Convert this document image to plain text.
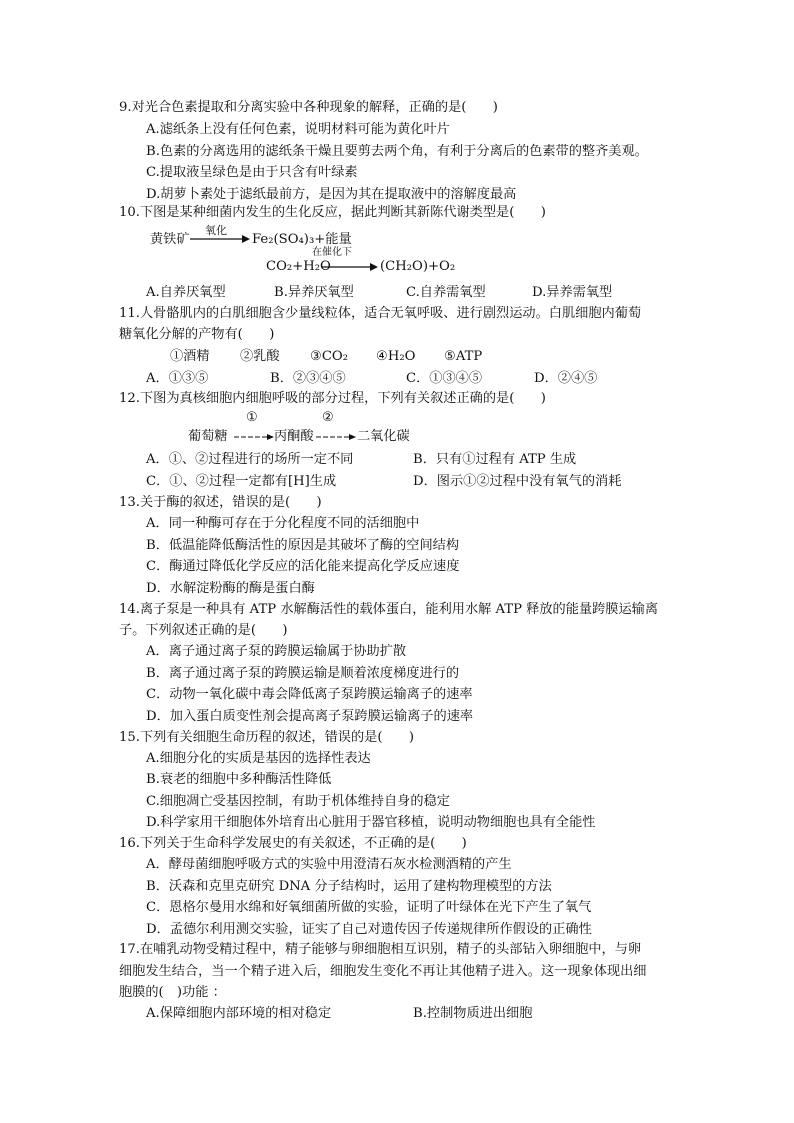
9.对光合色素提取和分离实验中各种现象的解释，正确的是(　　)
A.滤纸条上没有任何色素，说明材料可能为黄化叶片
B.色素的分离选用的滤纸条干燥且要剪去两个角，有利于分离后的色素带的整齐美观。
C.提取液呈绿色是由于只含有叶绿素
D.胡萝卜素处于滤纸最前方，是因为其在提取液中的溶解度最高
10.下图是某种细菌内发生的生化反应，据此判断其新陈代谢类型是(　　)
黄铁矿
氧化
Fe₂(SO₄)₃+能量
在催化下
CO₂+H₂O	(CH₂O)+O₂
A.自养厌氧型	B.异养厌氧型	C.自养需氧型	D.异养需氧型
11.人骨骼肌内的白肌细胞含少量线粒体，适合无氧呼吸、进行剧烈运动。白肌细胞内葡萄
糖氧化分解的产物有(　　)
①酒精 ②乳酸 ③CO₂ ④H₂O ⑤ATP
A．①③⑤	B．②③④⑤	C．①③④⑤	D．②④⑤
12.下图为真核细胞内细胞呼吸的部分过程，下列有关叙述正确的是(　　)
①	②
葡萄糖	丙酮酸	二氧化碳
A．①、②过程进行的场所一定不同	B．只有①过程有 ATP 生成
C．①、②过程一定都有[H]生成	D．图示①②过程中没有氧气的消耗
13.关于酶的叙述，错误的是(　　)
A．同一种酶可存在于分化程度不同的活细胞中
B．低温能降低酶活性的原因是其破坏了酶的空间结构
C．酶通过降低化学反应的活化能来提高化学反应速度
D．水解淀粉酶的酶是蛋白酶
14.离子泵是一种具有 ATP 水解酶活性的载体蛋白，能利用水解 ATP 释放的能量跨膜运输离
子。下列叙述正确的是(　　)
A．离子通过离子泵的跨膜运输属于协助扩散
B．离子通过离子泵的跨膜运输是顺着浓度梯度进行的
C．动物一氧化碳中毒会降低离子泵跨膜运输离子的速率
D．加入蛋白质变性剂会提高离子泵跨膜运输离子的速率
15.下列有关细胞生命历程的叙述，错误的是(　　)
A.细胞分化的实质是基因的选择性表达
B.衰老的细胞中多种酶活性降低
C.细胞凋亡受基因控制，有助于机体维持自身的稳定
D.科学家用干细胞体外培育出心脏用于器官移植，说明动物细胞也具有全能性
16.下列关于生命科学发展史的有关叙述，不正确的是(　　)
A．酵母菌细胞呼吸方式的实验中用澄清石灰水检测酒精的产生
B．沃森和克里克研究 DNA 分子结构时，运用了建构物理模型的方法
C．恩格尔曼用水绵和好氧细菌所做的实验，证明了叶绿体在光下产生了氧气
D．孟德尔利用测交实验，证实了自己对遗传因子传递规律所作假设的正确性
17.在哺乳动物受精过程中，精子能够与卵细胞相互识别，精子的头部钻入卵细胞中，与卵
细胞发生结合，当一个精子进入后，细胞发生变化不再让其他精子进入。这一现象体现出细
胞膜的(　)功能 ：
A.保障细胞内部环境的相对稳定	B.控制物质进出细胞
